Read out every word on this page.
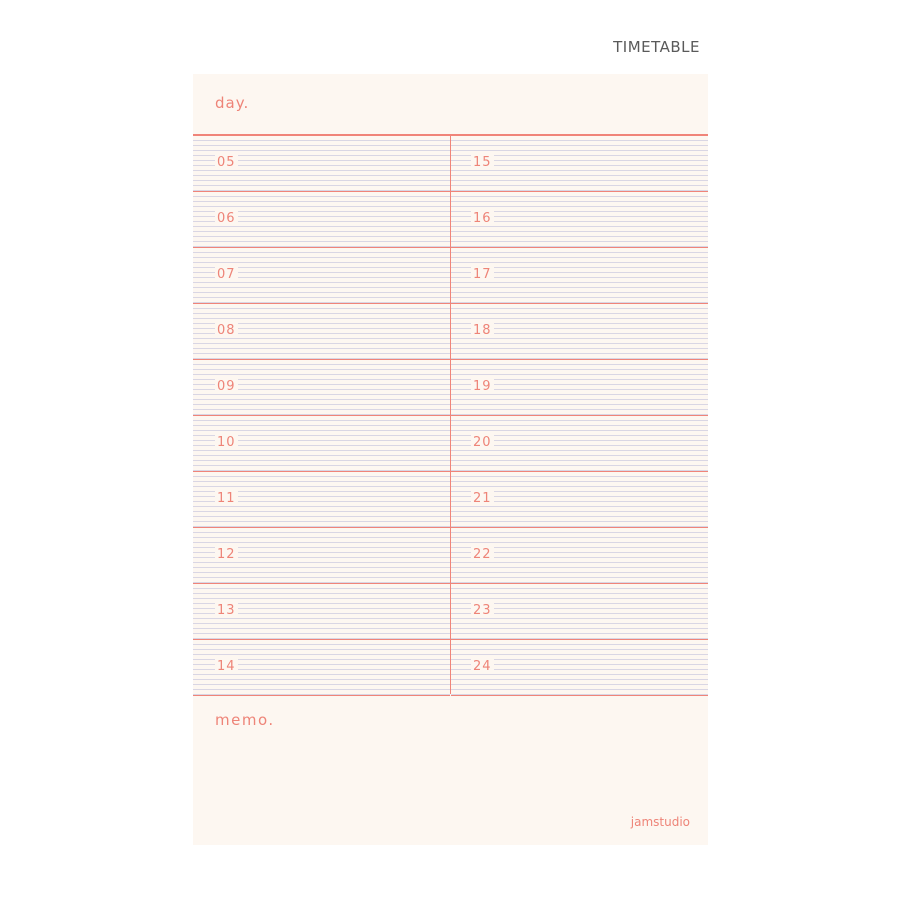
TIMETABLE
day.
05
06
07
08
09
10
11
12
13
14
15
16
17
18
19
20
21
22
23
24
memo.
jamstudio
